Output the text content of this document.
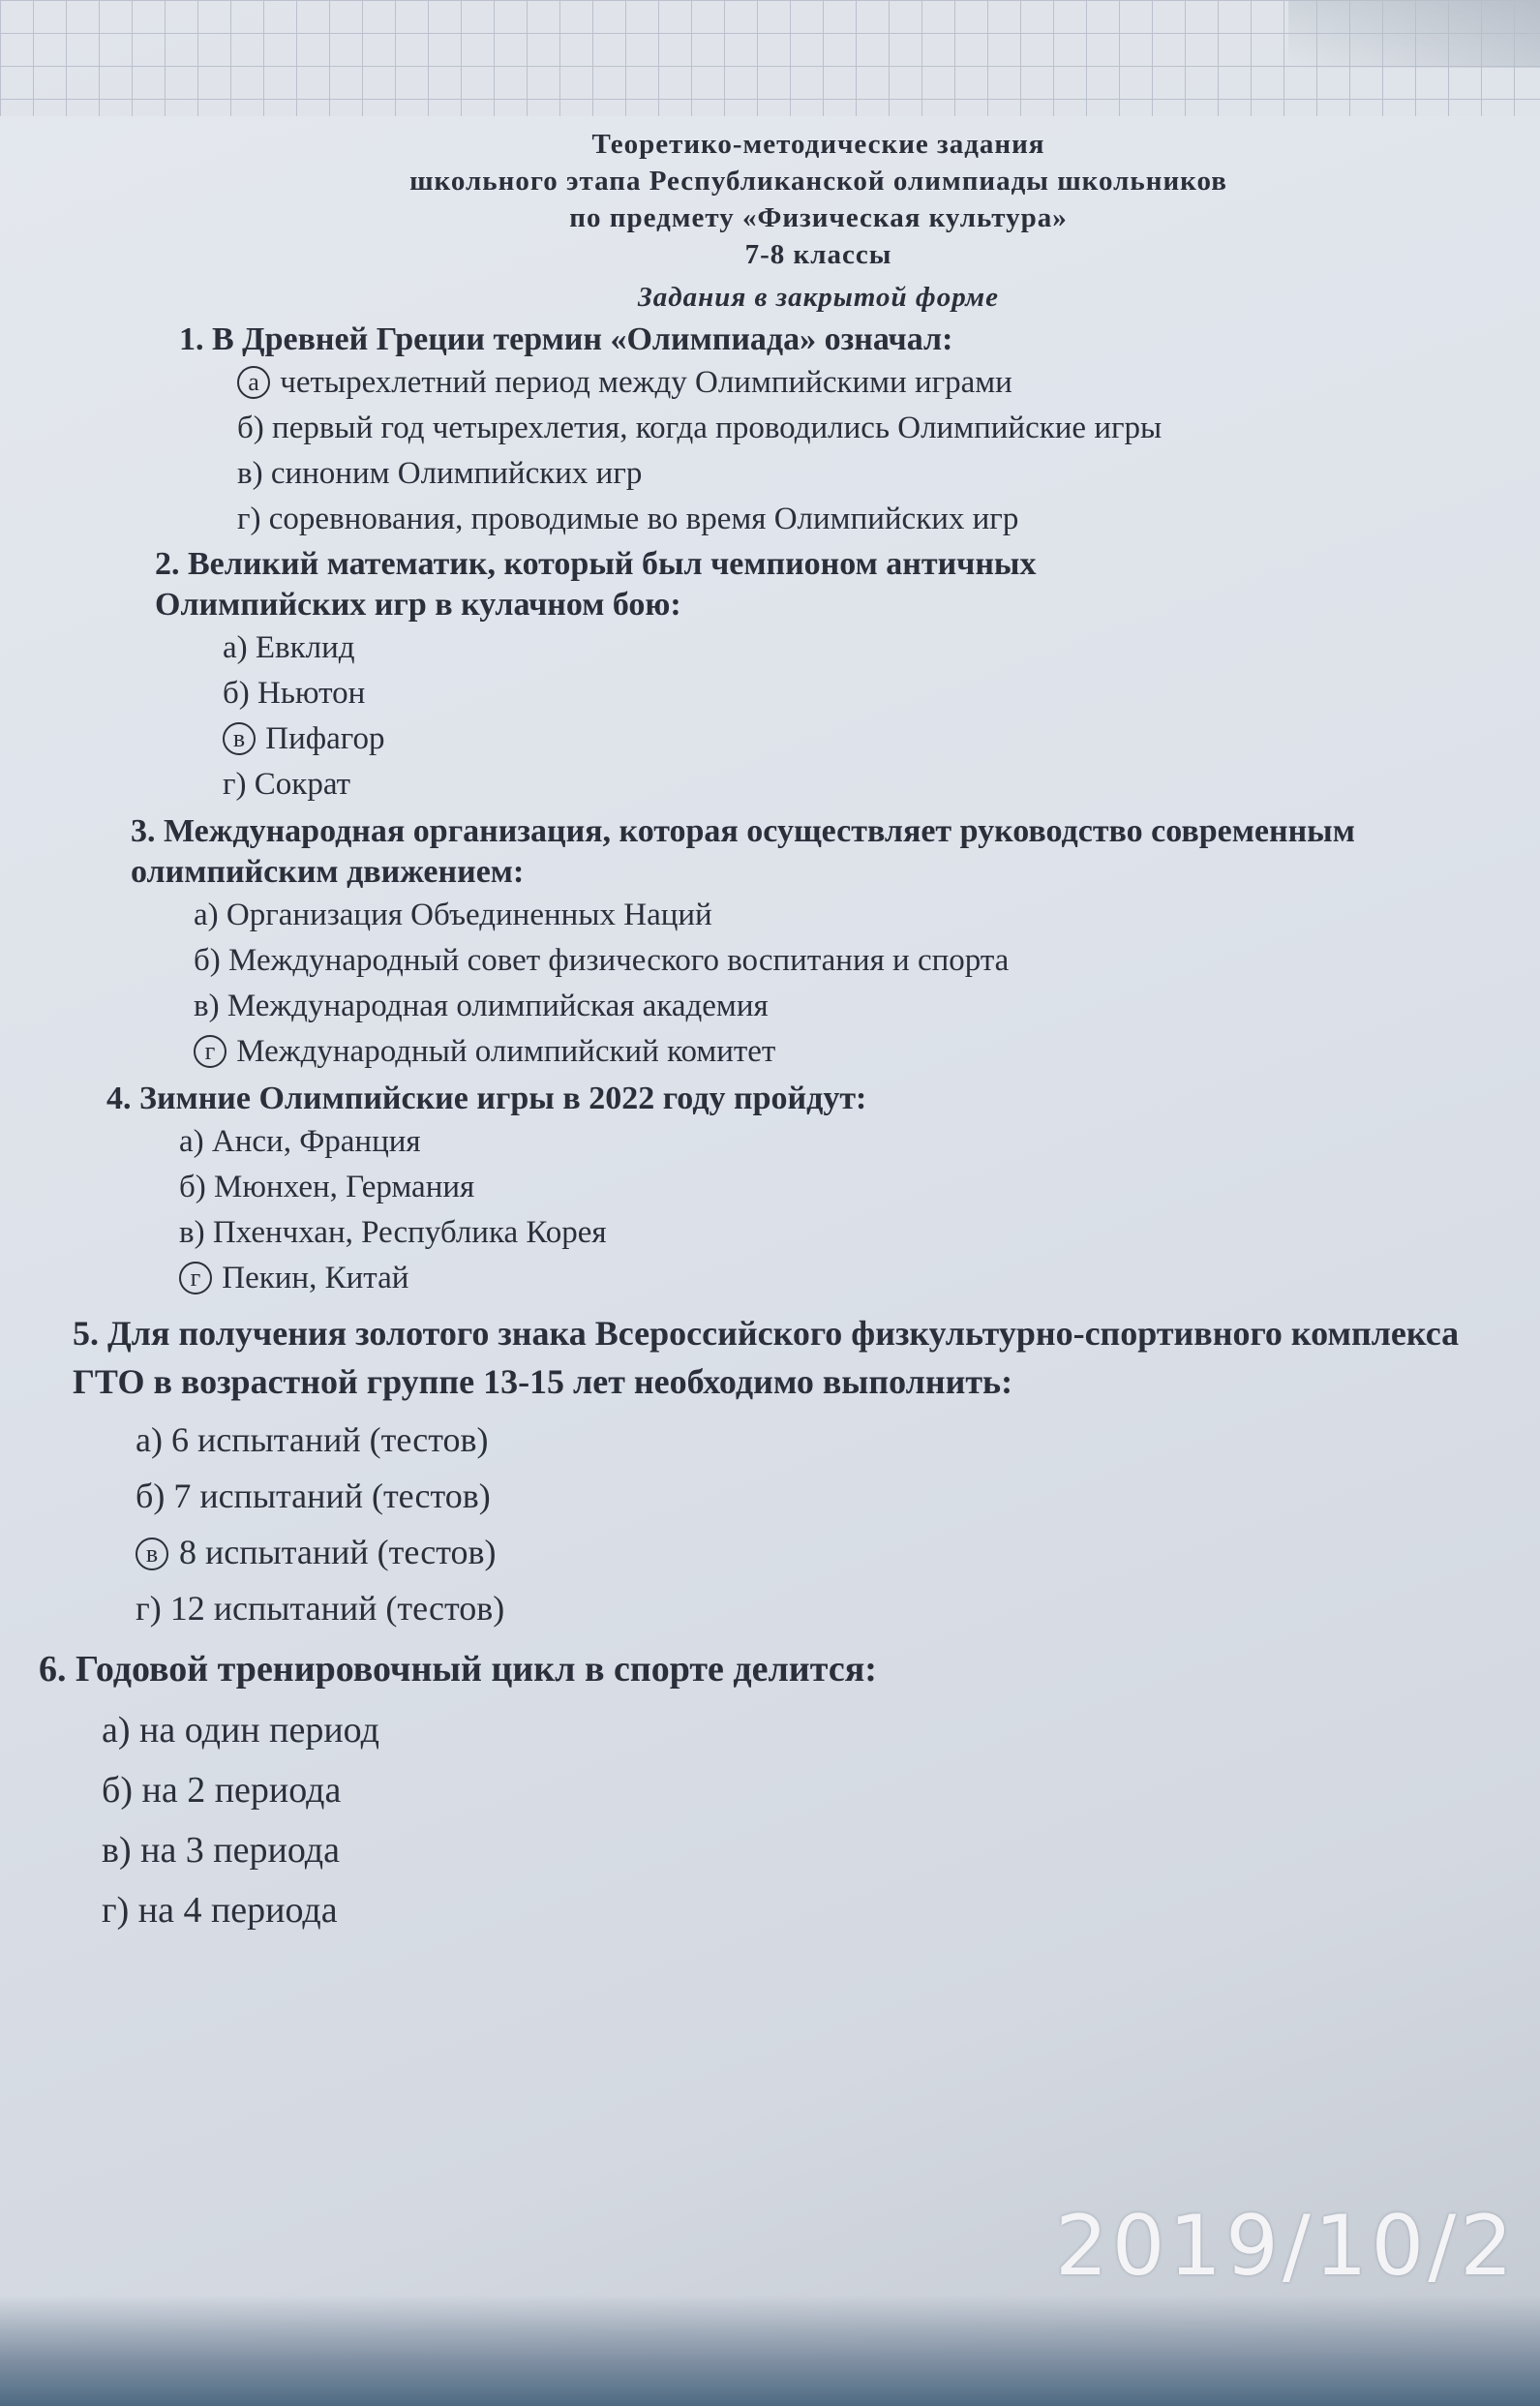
Теоретико-методические задания
школьного этапа Республиканской олимпиады школьников
по предмету «Физическая культура»
7-8 классы
Задания в закрытой форме
1. В Древней Греции термин «Олимпиада» означал:
а четырехлетний период между Олимпийскими играми
б) первый год четырехлетия, когда проводились Олимпийские игры
в) синоним Олимпийских игр
г) соревнования, проводимые во время Олимпийских игр
2. Великий математик, который был чемпионом античных Олимпийских игр в кулачном бою:
а) Евклид
б) Ньютон
в Пифагор
г) Сократ
3. Международная организация, которая осуществляет руководство современным олимпийским движением:
а) Организация Объединенных Наций
б) Международный совет физического воспитания и спорта
в) Международная олимпийская академия
г Международный олимпийский комитет
4. Зимние Олимпийские игры в 2022 году пройдут:
а) Анси, Франция
б) Мюнхен, Германия
в) Пхенчхан, Республика Корея
г Пекин, Китай
5. Для получения золотого знака Всероссийского физкультурно-спортивного комплекса ГТО в возрастной группе 13-15 лет необходимо выполнить:
а) 6 испытаний (тестов)
б) 7 испытаний (тестов)
в 8 испытаний (тестов)
г) 12 испытаний (тестов)
6. Годовой тренировочный цикл в спорте делится:
а) на один период
б) на 2 периода
в) на 3 периода
г) на 4 периода
2019/10/2
